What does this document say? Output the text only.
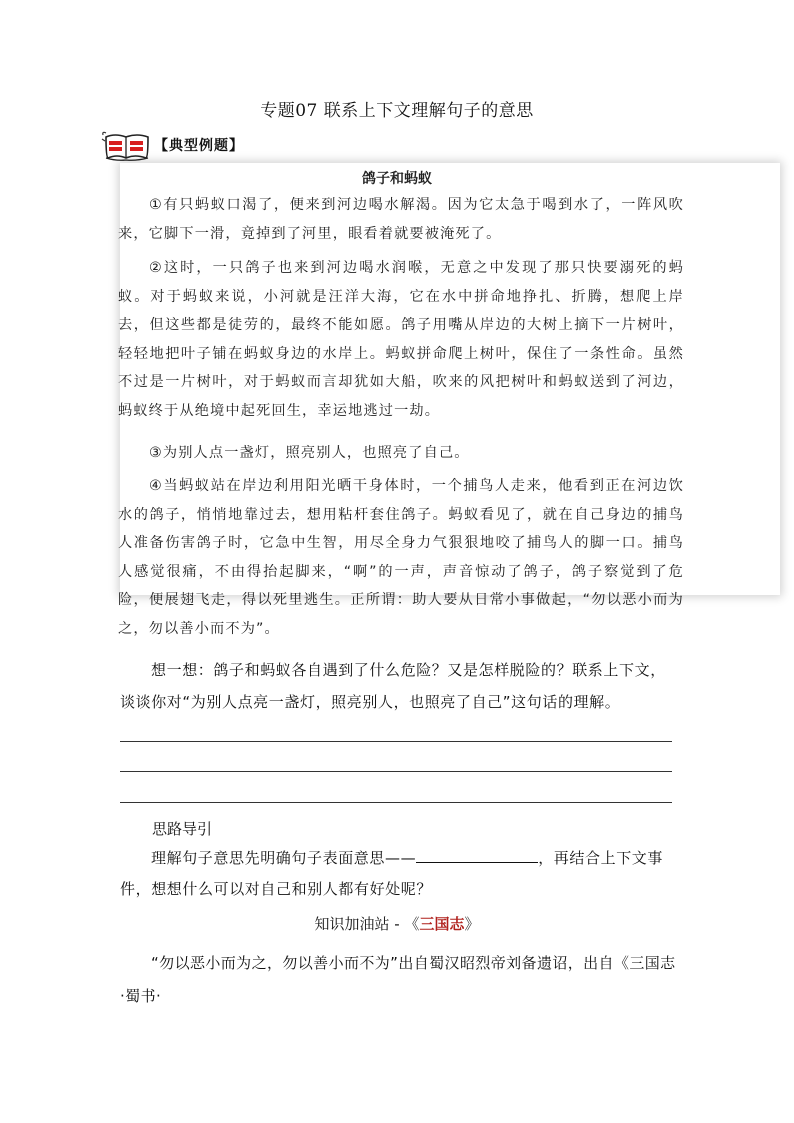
专题07 联系上下文理解句子的意思
【典型例题】
鸽子和蚂蚁

①有只蚂蚁口渴了，便来到河边喝水解渴。因为它太急于喝到水了，一阵风吹来，它脚下一滑，竟掉到了河里，眼看着就要被淹死了。

②这时，一只鸽子也来到河边喝水润喉，无意之中发现了那只快要溺死的蚂蚁。对于蚂蚁来说，小河就是汪洋大海，它在水中拼命地挣扎、折腾，想爬上岸去，但这些都是徒劳的，最终不能如愿。鸽子用嘴从岸边的大树上摘下一片树叶，轻轻地把叶子铺在蚂蚁身边的水岸上。蚂蚁拼命爬上树叶，保住了一条性命。虽然不过是一片树叶，对于蚂蚁而言却犹如大船，吹来的风把树叶和蚂蚁送到了河边，蚂蚁终于从绝境中起死回生，幸运地逃过一劫。

③为别人点一盏灯，照亮别人，也照亮了自己。

④当蚂蚁站在岸边利用阳光晒干身体时，一个捕鸟人走来，他看到正在河边饮水的鸽子，悄悄地靠过去，想用粘杆套住鸽子。蚂蚁看见了，就在自己身边的捕鸟人准备伤害鸽子时，它急中生智，用尽全身力气狠狠地咬了捕鸟人的脚一口。捕鸟人感觉很痛，不由得抬起脚来，“啊”的一声，声音惊动了鸽子，鸽子察觉到了危险，便展翅飞走，得以死里逃生。正所谓：助人要从日常小事做起，“勿以恶小而为之，勿以善小而不为”。

想一想：鸽子和蚂蚁各自遇到了什么危险？又是怎样脱险的？联系上下文，谈谈你对“为别人点亮一盏灯，照亮别人，也照亮了自己”这句话的理解。

思路导引

理解句子意思先明确句子表面意思——	，再结合上下文事件，想想什么可以对自己和别人都有好处呢？

知识加油站 - 《三国志》

“勿以恶小而为之，勿以善小而不为”出自蜀汉昭烈帝刘备遗诏，出自《三国志·蜀书·
